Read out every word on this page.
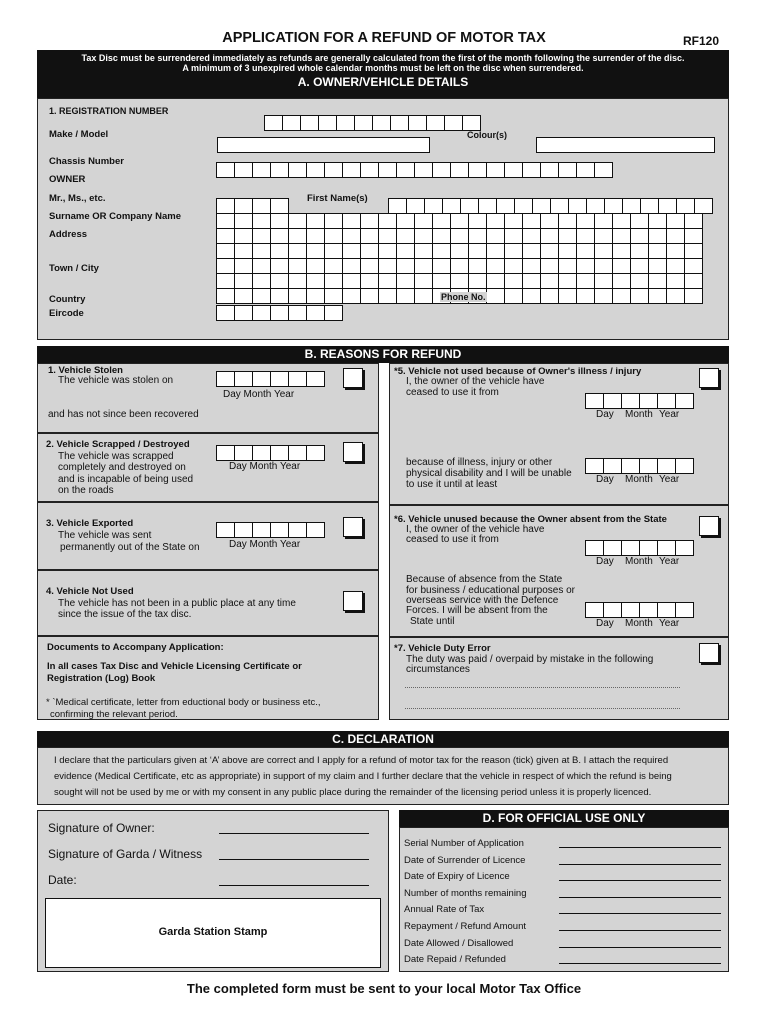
APPLICATION FOR A REFUND OF MOTOR TAX	RF120
Tax Disc must be surrendered immediately as refunds are generally calculated from the first of the month following the surrender of the disc.
A minimum of 3 unexpired whole calendar months must be left on the disc when surrendered.
A. OWNER/VEHICLE DETAILS
1. REGISTRATION NUMBER
Make / Model	Colour(s)
Chassis Number
OWNER
Mr., Ms., etc.	First Name(s)
Surname OR Company Name
Address
Town / City
Country
Eircode
Phone No.
B. REASONS FOR REFUND
1. Vehicle Stolen
The vehicle was stolen on
Day Month Year
and has not since been recovered
2. Vehicle Scrapped / Destroyed
The vehicle was scrapped
completely and destroyed on
and is incapable of being used
on the roads
Day Month Year
3. Vehicle Exported
The vehicle was sent
permanently out of the State on	Day Month Year
4. Vehicle Not Used
The vehicle has not been in a public place at any time
since the issue of the tax disc.
Documents to Accompany Application:
In all cases Tax Disc and Vehicle Licensing Certificate or
Registration (Log) Book
* `Medical certificate, letter from eductional body or business etc.,
confirming the relevant period.
*5. Vehicle not used because of Owner's illness / injury
I, the owner of the vehicle have
ceased to use it from
Day Month Year
because of illness, injury or other
physical disability and I will be unable
to use it until at least	Day Month Year
*6. Vehicle unused because the Owner absent from the State
I, the owner of the vehicle have
ceased to use it from
Day Month Year
Because of absence from the State
for business / educational purposes or
overseas service with the Defence
Forces. I will be absent from the
State until	Day Month Year
*7. Vehicle Duty Error
The duty was paid / overpaid by mistake in the following
circumstances
C. DECLARATION
I declare that the particulars given at ‘A’ above are correct and I apply for a refund of motor tax for the reason (tick) given at B. I attach the required
evidence (Medical Certificate, etc as appropriate) in support of my claim and I further declare that the vehicle in respect of which the refund is being
sought will not be used by me or with my consent in any public place during the remainder of the licensing period unless it is properly licenced.
Signature of Owner:
Signature of Garda / Witness
Date:
Garda Station Stamp
D. FOR OFFICIAL USE ONLY
Serial Number of Application
Date of Surrender of Licence
Date of Expiry of Licence
Number of months remaining
Annual Rate of Tax
Repayment / Refund Amount
Date Allowed / Disallowed
Date Repaid / Refunded
The completed form must be sent to your local Motor Tax Office
